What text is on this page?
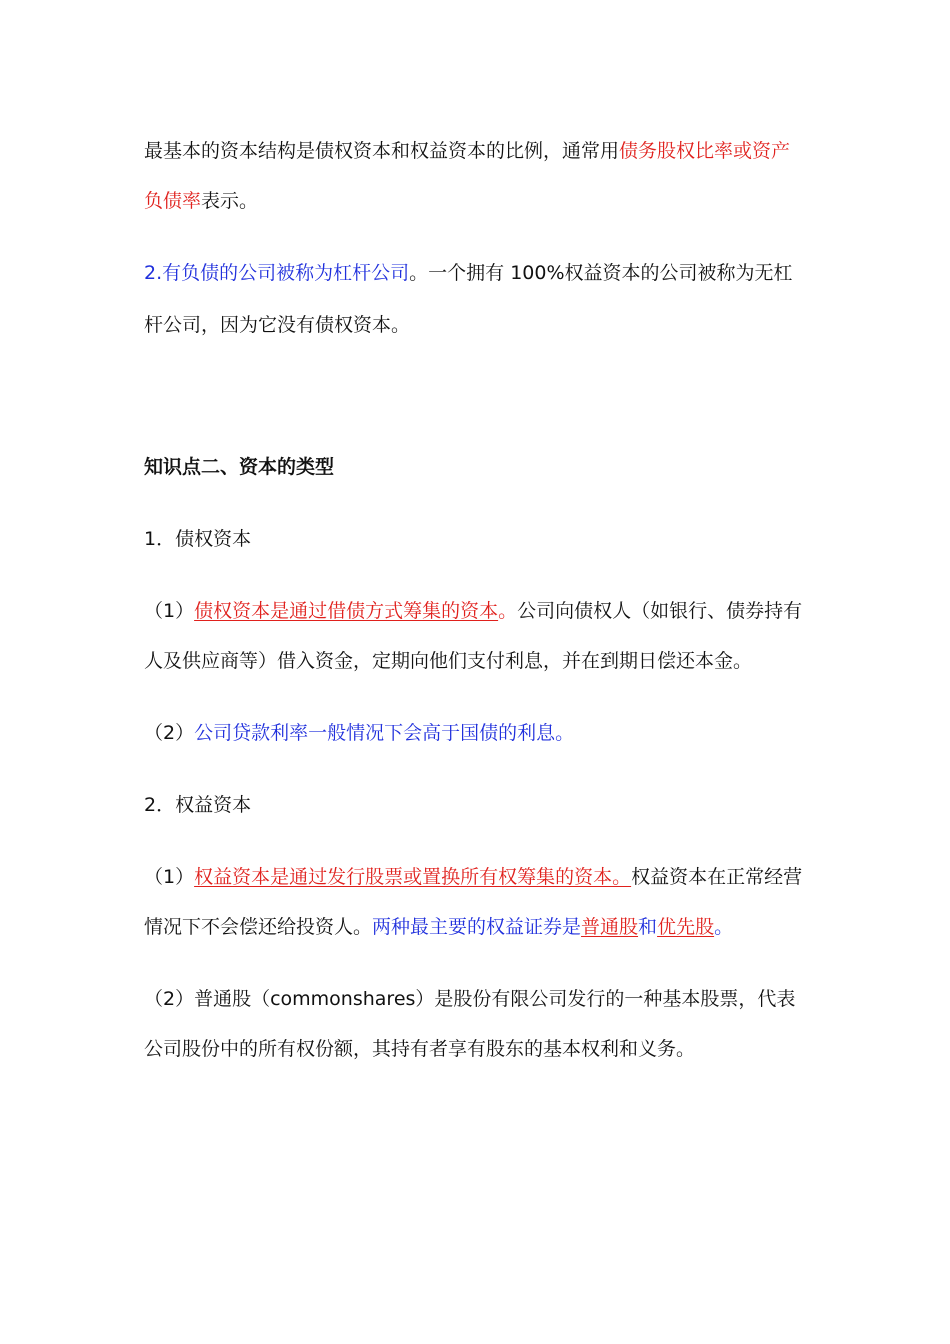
最基本的资本结构是债权资本和权益资本的比例，通常用债务股权比率或资产
负债率表示。
2.有负债的公司被称为杠杆公司。一个拥有 100%权益资本的公司被称为无杠
杆公司，因为它没有债权资本。
知识点二、资本的类型
1．债权资本
（1）债权资本是通过借债方式筹集的资本。公司向债权人（如银行、债券持有
人及供应商等）借入资金，定期向他们支付利息，并在到期日偿还本金。
（2）公司贷款利率一般情况下会高于国债的利息。
2．权益资本
（1）权益资本是通过发行股票或置换所有权筹集的资本。权益资本在正常经营
情况下不会偿还给投资人。两种最主要的权益证券是普通股和优先股。
（2）普通股（commonshares）是股份有限公司发行的一种基本股票，代表
公司股份中的所有权份额，其持有者享有股东的基本权利和义务。
